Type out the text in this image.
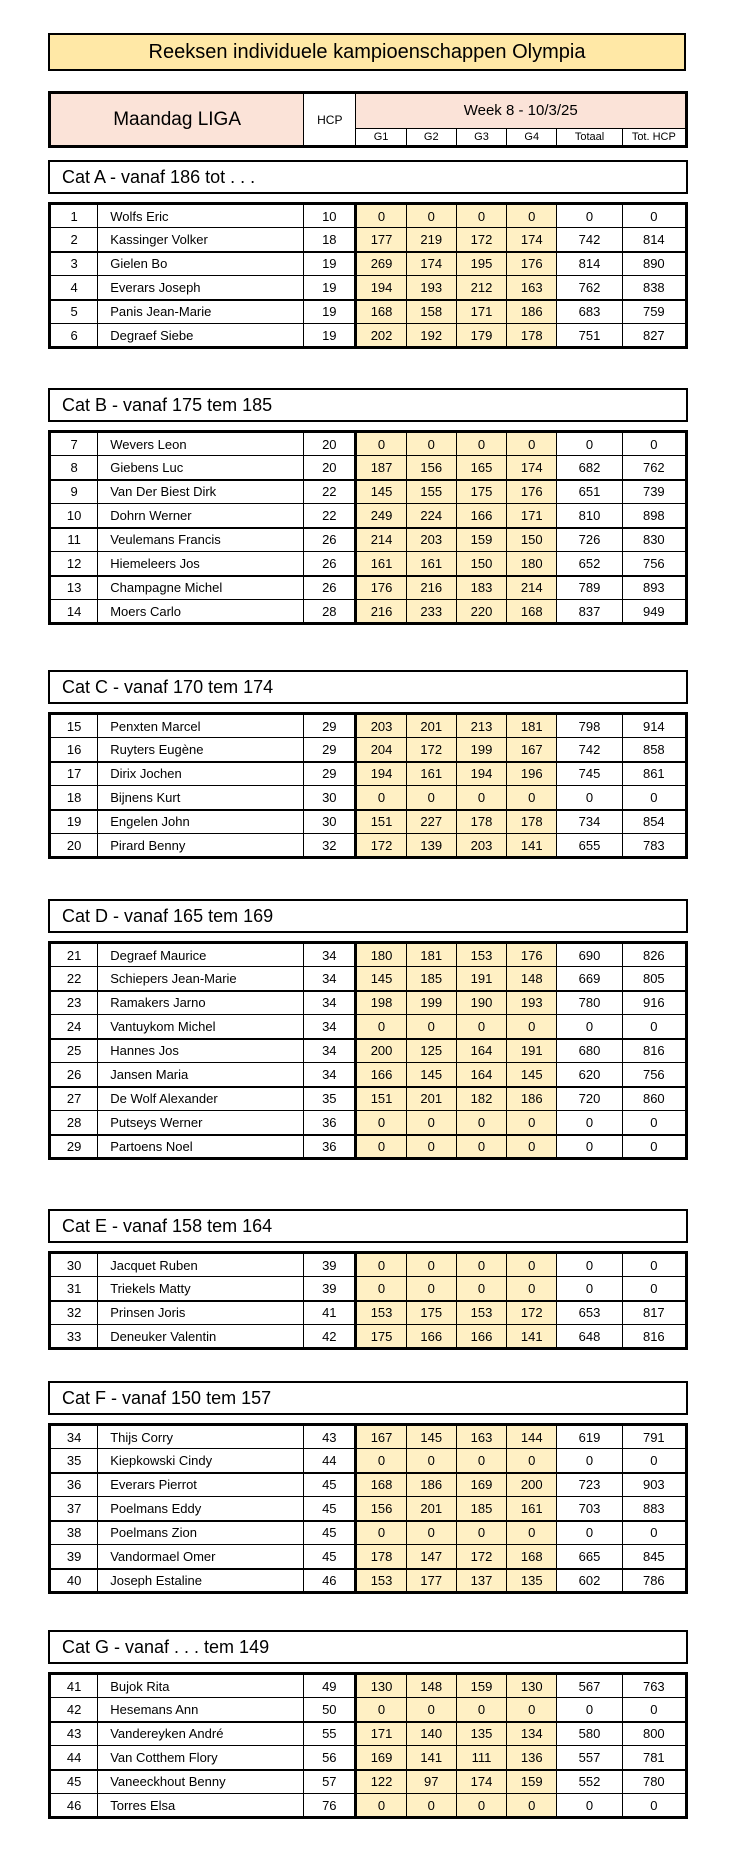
Reeksen individuele kampioenschappen Olympia
Maandag LIGA	HCP	Week 8 - 10/3/25					
		G1	G2	G3	G4	Totaal	Tot. HCP
Cat A - vanaf 186 tot . . .
1	Wolfs Eric	10	0	0	0	0	0	0
2	Kassinger Volker	18	177	219	172	174	742	814
3	Gielen Bo	19	269	174	195	176	814	890
4	Everars Joseph	19	194	193	212	163	762	838
5	Panis Jean-Marie	19	168	158	171	186	683	759
6	Degraef Siebe	19	202	192	179	178	751	827
Cat B - vanaf 175 tem 185
7	Wevers Leon	20	0	0	0	0	0	0
8	Giebens Luc	20	187	156	165	174	682	762
9	Van Der Biest Dirk	22	145	155	175	176	651	739
10	Dohrn Werner	22	249	224	166	171	810	898
11	Veulemans Francis	26	214	203	159	150	726	830
12	Hiemeleers Jos	26	161	161	150	180	652	756
13	Champagne Michel	26	176	216	183	214	789	893
14	Moers Carlo	28	216	233	220	168	837	949
Cat C - vanaf 170 tem 174
15	Penxten Marcel	29	203	201	213	181	798	914
16	Ruyters Eugène	29	204	172	199	167	742	858
17	Dirix Jochen	29	194	161	194	196	745	861
18	Bijnens Kurt	30	0	0	0	0	0	0
19	Engelen John	30	151	227	178	178	734	854
20	Pirard Benny	32	172	139	203	141	655	783
Cat D - vanaf 165 tem 169
21	Degraef Maurice	34	180	181	153	176	690	826
22	Schiepers Jean-Marie	34	145	185	191	148	669	805
23	Ramakers Jarno	34	198	199	190	193	780	916
24	Vantuykom Michel	34	0	0	0	0	0	0
25	Hannes Jos	34	200	125	164	191	680	816
26	Jansen Maria	34	166	145	164	145	620	756
27	De Wolf Alexander	35	151	201	182	186	720	860
28	Putseys Werner	36	0	0	0	0	0	0
29	Partoens Noel	36	0	0	0	0	0	0
Cat E - vanaf 158 tem 164
30	Jacquet Ruben	39	0	0	0	0	0	0
31	Triekels Matty	39	0	0	0	0	0	0
32	Prinsen Joris	41	153	175	153	172	653	817
33	Deneuker Valentin	42	175	166	166	141	648	816
Cat F - vanaf 150 tem 157
34	Thijs Corry	43	167	145	163	144	619	791
35	Kiepkowski Cindy	44	0	0	0	0	0	0
36	Everars Pierrot	45	168	186	169	200	723	903
37	Poelmans Eddy	45	156	201	185	161	703	883
38	Poelmans Zion	45	0	0	0	0	0	0
39	Vandormael Omer	45	178	147	172	168	665	845
40	Joseph Estaline	46	153	177	137	135	602	786
Cat G - vanaf . . . tem 149
41	Bujok Rita	49	130	148	159	130	567	763
42	Hesemans Ann	50	0	0	0	0	0	0
43	Vandereyken André	55	171	140	135	134	580	800
44	Van Cotthem Flory	56	169	141	111	136	557	781
45	Vaneeckhout Benny	57	122	97	174	159	552	780
46	Torres Elsa	76	0	0	0	0	0	0
